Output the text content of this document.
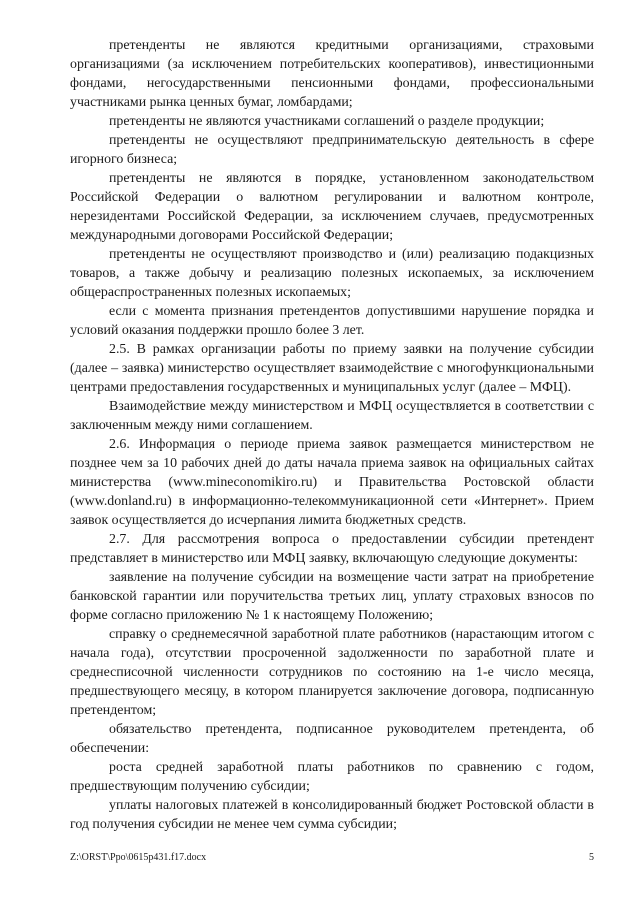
претенденты не являются кредитными организациями, страховыми организациями (за исключением потребительских кооперативов), инвестиционными фондами, негосударственными пенсионными фондами, профессиональными участниками рынка ценных бумаг, ломбардами;

претенденты не являются участниками соглашений о разделе продукции;

претенденты не осуществляют предпринимательскую деятельность в сфере игорного бизнеса;

претенденты не являются в порядке, установленном законодательством Российской Федерации о валютном регулировании и валютном контроле, нерезидентами Российской Федерации, за исключением случаев, предусмотренных международными договорами Российской Федерации;

претенденты не осуществляют производство и (или) реализацию подакцизных товаров, а также добычу и реализацию полезных ископаемых, за исключением общераспространенных полезных ископаемых;

если с момента признания претендентов допустившими нарушение порядка и условий оказания поддержки прошло более 3 лет.

2.5. В рамках организации работы по приему заявки на получение субсидии (далее – заявка) министерство осуществляет взаимодействие с многофункциональными центрами предоставления государственных и муниципальных услуг (далее – МФЦ).

Взаимодействие между министерством и МФЦ осуществляется в соответствии с заключенным между ними соглашением.

2.6. Информация о периоде приема заявок размещается министерством не позднее чем за 10 рабочих дней до даты начала приема заявок на официальных сайтах министерства (www.mineconomikiro.ru) и Правительства Ростовской области (www.donland.ru) в информационно-телекоммуникационной сети «Интернет». Прием заявок осуществляется до исчерпания лимита бюджетных средств.

2.7. Для рассмотрения вопроса о предоставлении субсидии претендент представляет в министерство или МФЦ заявку, включающую следующие документы:

заявление на получение субсидии на возмещение части затрат на приобретение банковской гарантии или поручительства третьих лиц, уплату страховых взносов по форме согласно приложению № 1 к настоящему Положению;

справку о среднемесячной заработной плате работников (нарастающим итогом с начала года), отсутствии просроченной задолженности по заработной плате и среднесписочной численности сотрудников по состоянию на 1-е число месяца, предшествующего месяцу, в котором планируется заключение договора, подписанную претендентом;

обязательство претендента, подписанное руководителем претендента, об обеспечении:

роста средней заработной платы работников по сравнению с годом, предшествующим получению субсидии;

уплаты налоговых платежей в консолидированный бюджет Ростовской области в год получения субсидии не менее чем сумма субсидии;

Z:\ORST\Ppo\0615p431.f17.docx	5
